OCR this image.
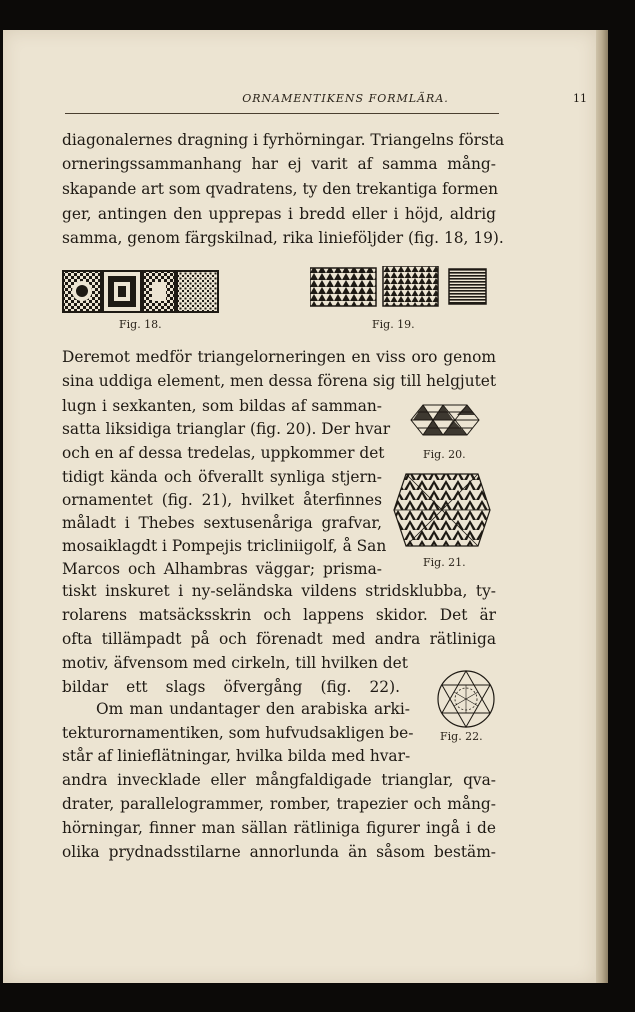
ORNAMENTIKENS FORMLÄRA.	11
diagonalernes dragning i fyrhörningar. Triangelns första
orneringssammanhang har ej varit af samma mång-
skapande art som qvadratens, ty den trekantiga formen
ger, antingen den upprepas i bredd eller i höjd, aldrig
samma, genom färgskilnad, rika linieföljder (fig. 18, 19).
Fig. 18.	Fig. 19.
Deremot medför triangelorneringen en viss oro genom
sina uddiga element, men dessa förena sig till helgjutet
lugn i sexkanten, som bildas af samman-
satta liksidiga trianglar (fig. 20). Der hvar
och en af dessa tredelas, uppkommer det
tidigt kända och öfverallt synliga stjern-
ornamentet (fig. 21), hvilket återfinnes
måladt i Thebes sextusenåriga grafvar,
mosaiklagdt i Pompejis tricliniigolf, å San
Marcos och Alhambras väggar; prisma-
tiskt inskuret i ny-seländska vildens stridsklubba, ty-
rolarens matsäcksskrin och lappens skidor. Det är
ofta tillämpadt på och förenadt med andra rätliniga
motiv, äfvensom med cirkeln, till hvilken det
bildar ett slags öfvergång (fig. 22).
Fig. 20.
Fig. 21.
Fig. 22.
Om man undantager den arabiska arki-
tekturornamentiken, som hufvudsakligen be-
står af linieflätningar, hvilka bilda med hvar-
andra invecklade eller mångfaldigade trianglar, qva-
drater, parallelogrammer, romber, trapezier och mång-
hörningar, finner man sällan rätliniga figurer ingå i de
olika prydnadsstilarne annorlunda än såsom bestäm-
